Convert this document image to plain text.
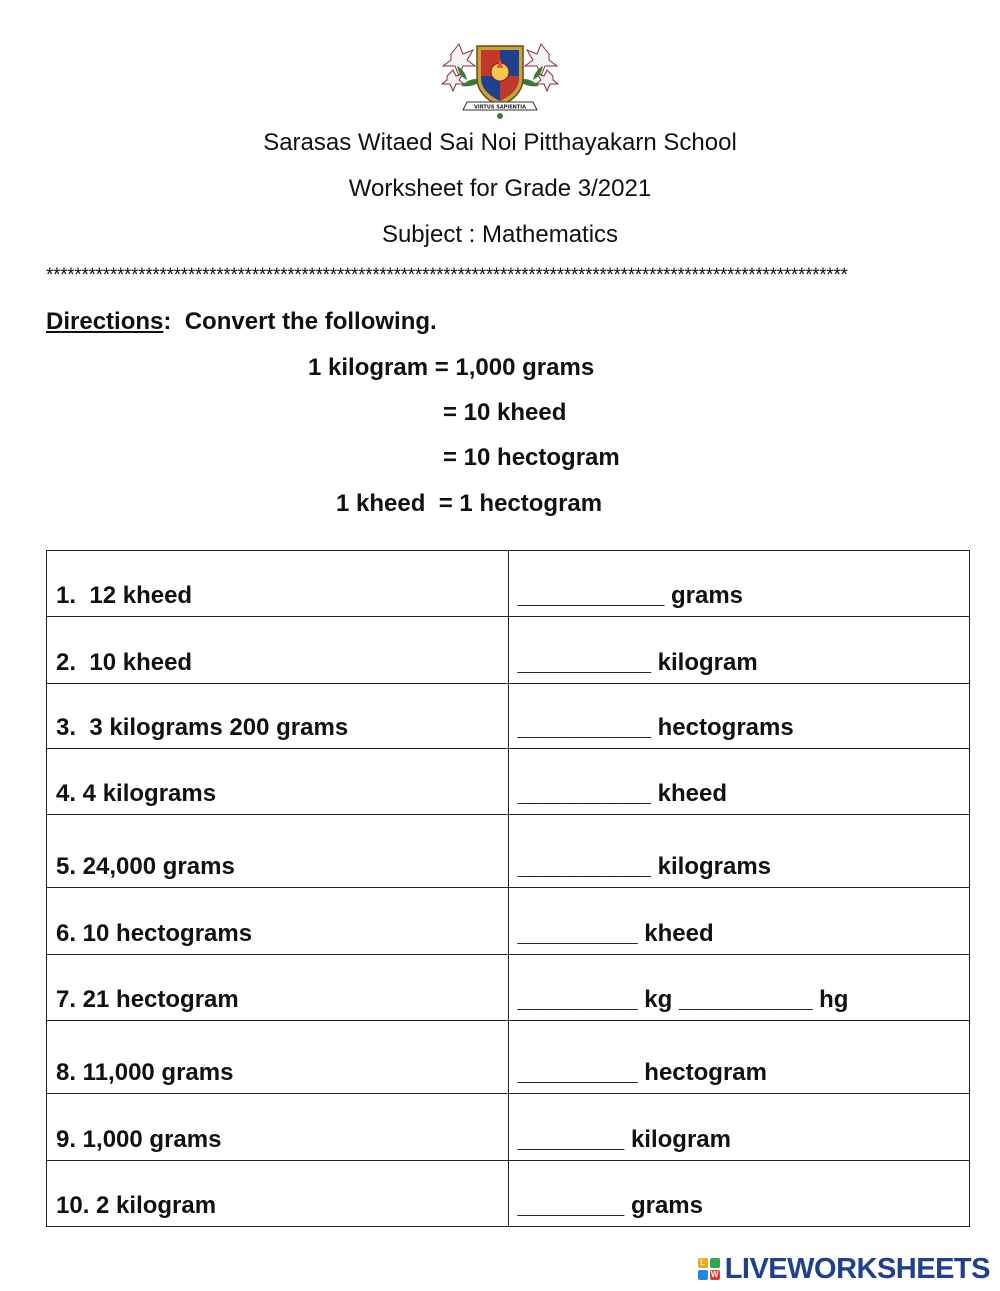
VIRTUS SAPIENTIA
Sarasas Witaed Sai Noi Pitthayakarn School
Worksheet for Grade 3/2021
Subject : Mathematics
*****************************************************************************************************************
Directions: Convert the following.
1 kilogram = 1,000 grams
= 10 kheed
= 10 hectogram
1 kheed  = 1 hectogram
1.  12 kheed	___________ grams
2.  10 kheed	__________ kilogram
3.  3 kilograms 200 grams	__________ hectograms
4. 4 kilograms	__________ kheed
5. 24,000 grams	__________ kilograms
6. 10 hectograms	_________ kheed
7. 21 hectogram	_________ kg __________ hg
8. 11,000 grams	_________ hectogram
9. 1,000 grams	________ kilogram
10. 2 kilogram	________ grams
L
W LIVEWORKSHEETS
